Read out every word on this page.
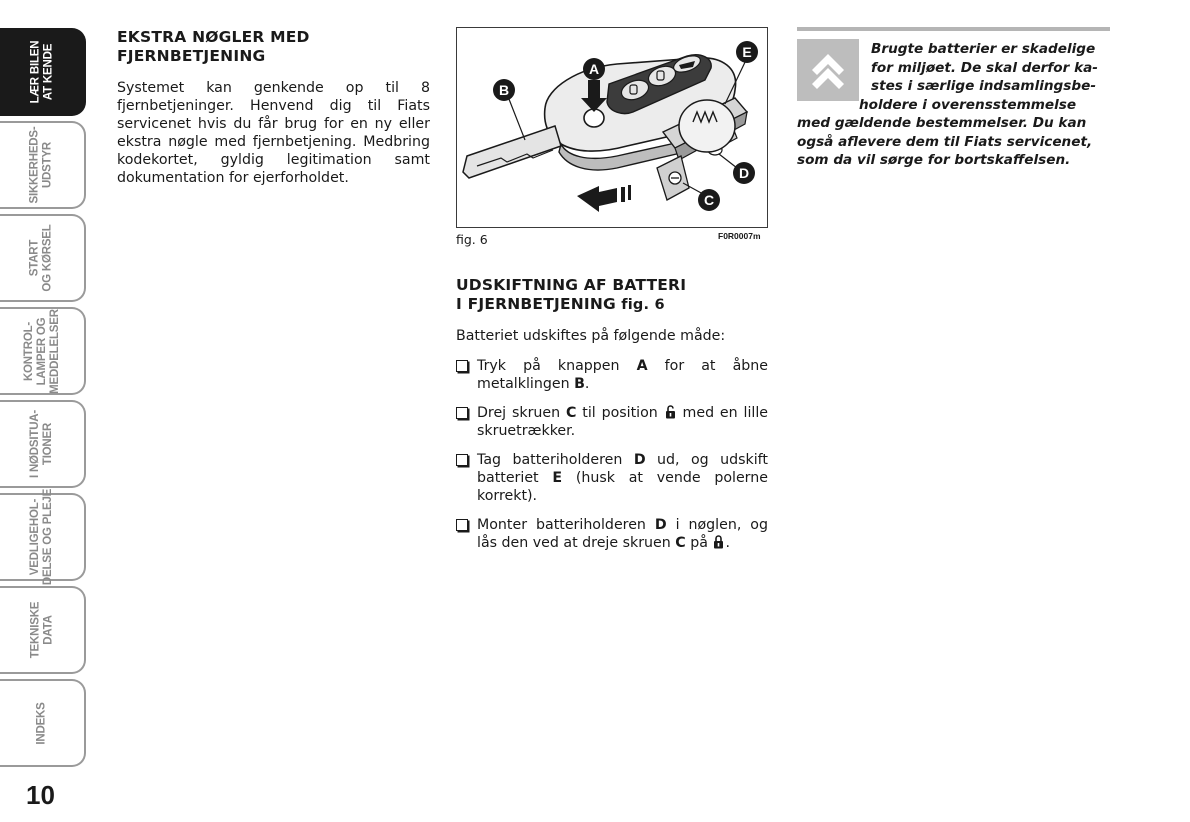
LÆR BILEN AT KENDE
SIKKERHEDS- UDSTYR
START OG KØRSEL
KONTROL- LAMPER OG MEDDELELSER
I NØDSITUA- TIONER
VEDLIGEHOL- DELSE OG PLEJE
TEKNISKE DATA
INDEKS
10
EKSTRA NØGLER MED
FJERNBETJENING

Systemet kan genkende op til 8 fjernbetjeninger. Henvend dig til Fiats servicenet hvis du får brug for en ny eller ekstra nøgle med fjernbetjening. Medbring kodekortet, gyldig legitimation samt dokumentation for ejerforholdet.

A
B
C
D
E
fig. 6	F0R0007m
UDSKIFTNING AF BATTERI
I FJERNBETJENING fig. 6

Batteriet udskiftes på følgende måde:

Tryk på knappen A for at åbne metalklingen B.
Drej skruen C til position  med en lille skruetrækker.
Tag batteriholderen D ud, og udskift batteriet E (husk at vende polerne korrekt).
Monter batteriholderen D i nøglen, og lås den ved at dreje skruen C på .
Brugte batterier er skadelige
for miljøet. De skal derfor ka-
stes i særlige indsamlingsbe-
holdere i overensstemmelse
med gældende bestemmelser. Du kan
også aflevere dem til Fiats servicenet,
som da vil sørge for bortskaffelsen.
